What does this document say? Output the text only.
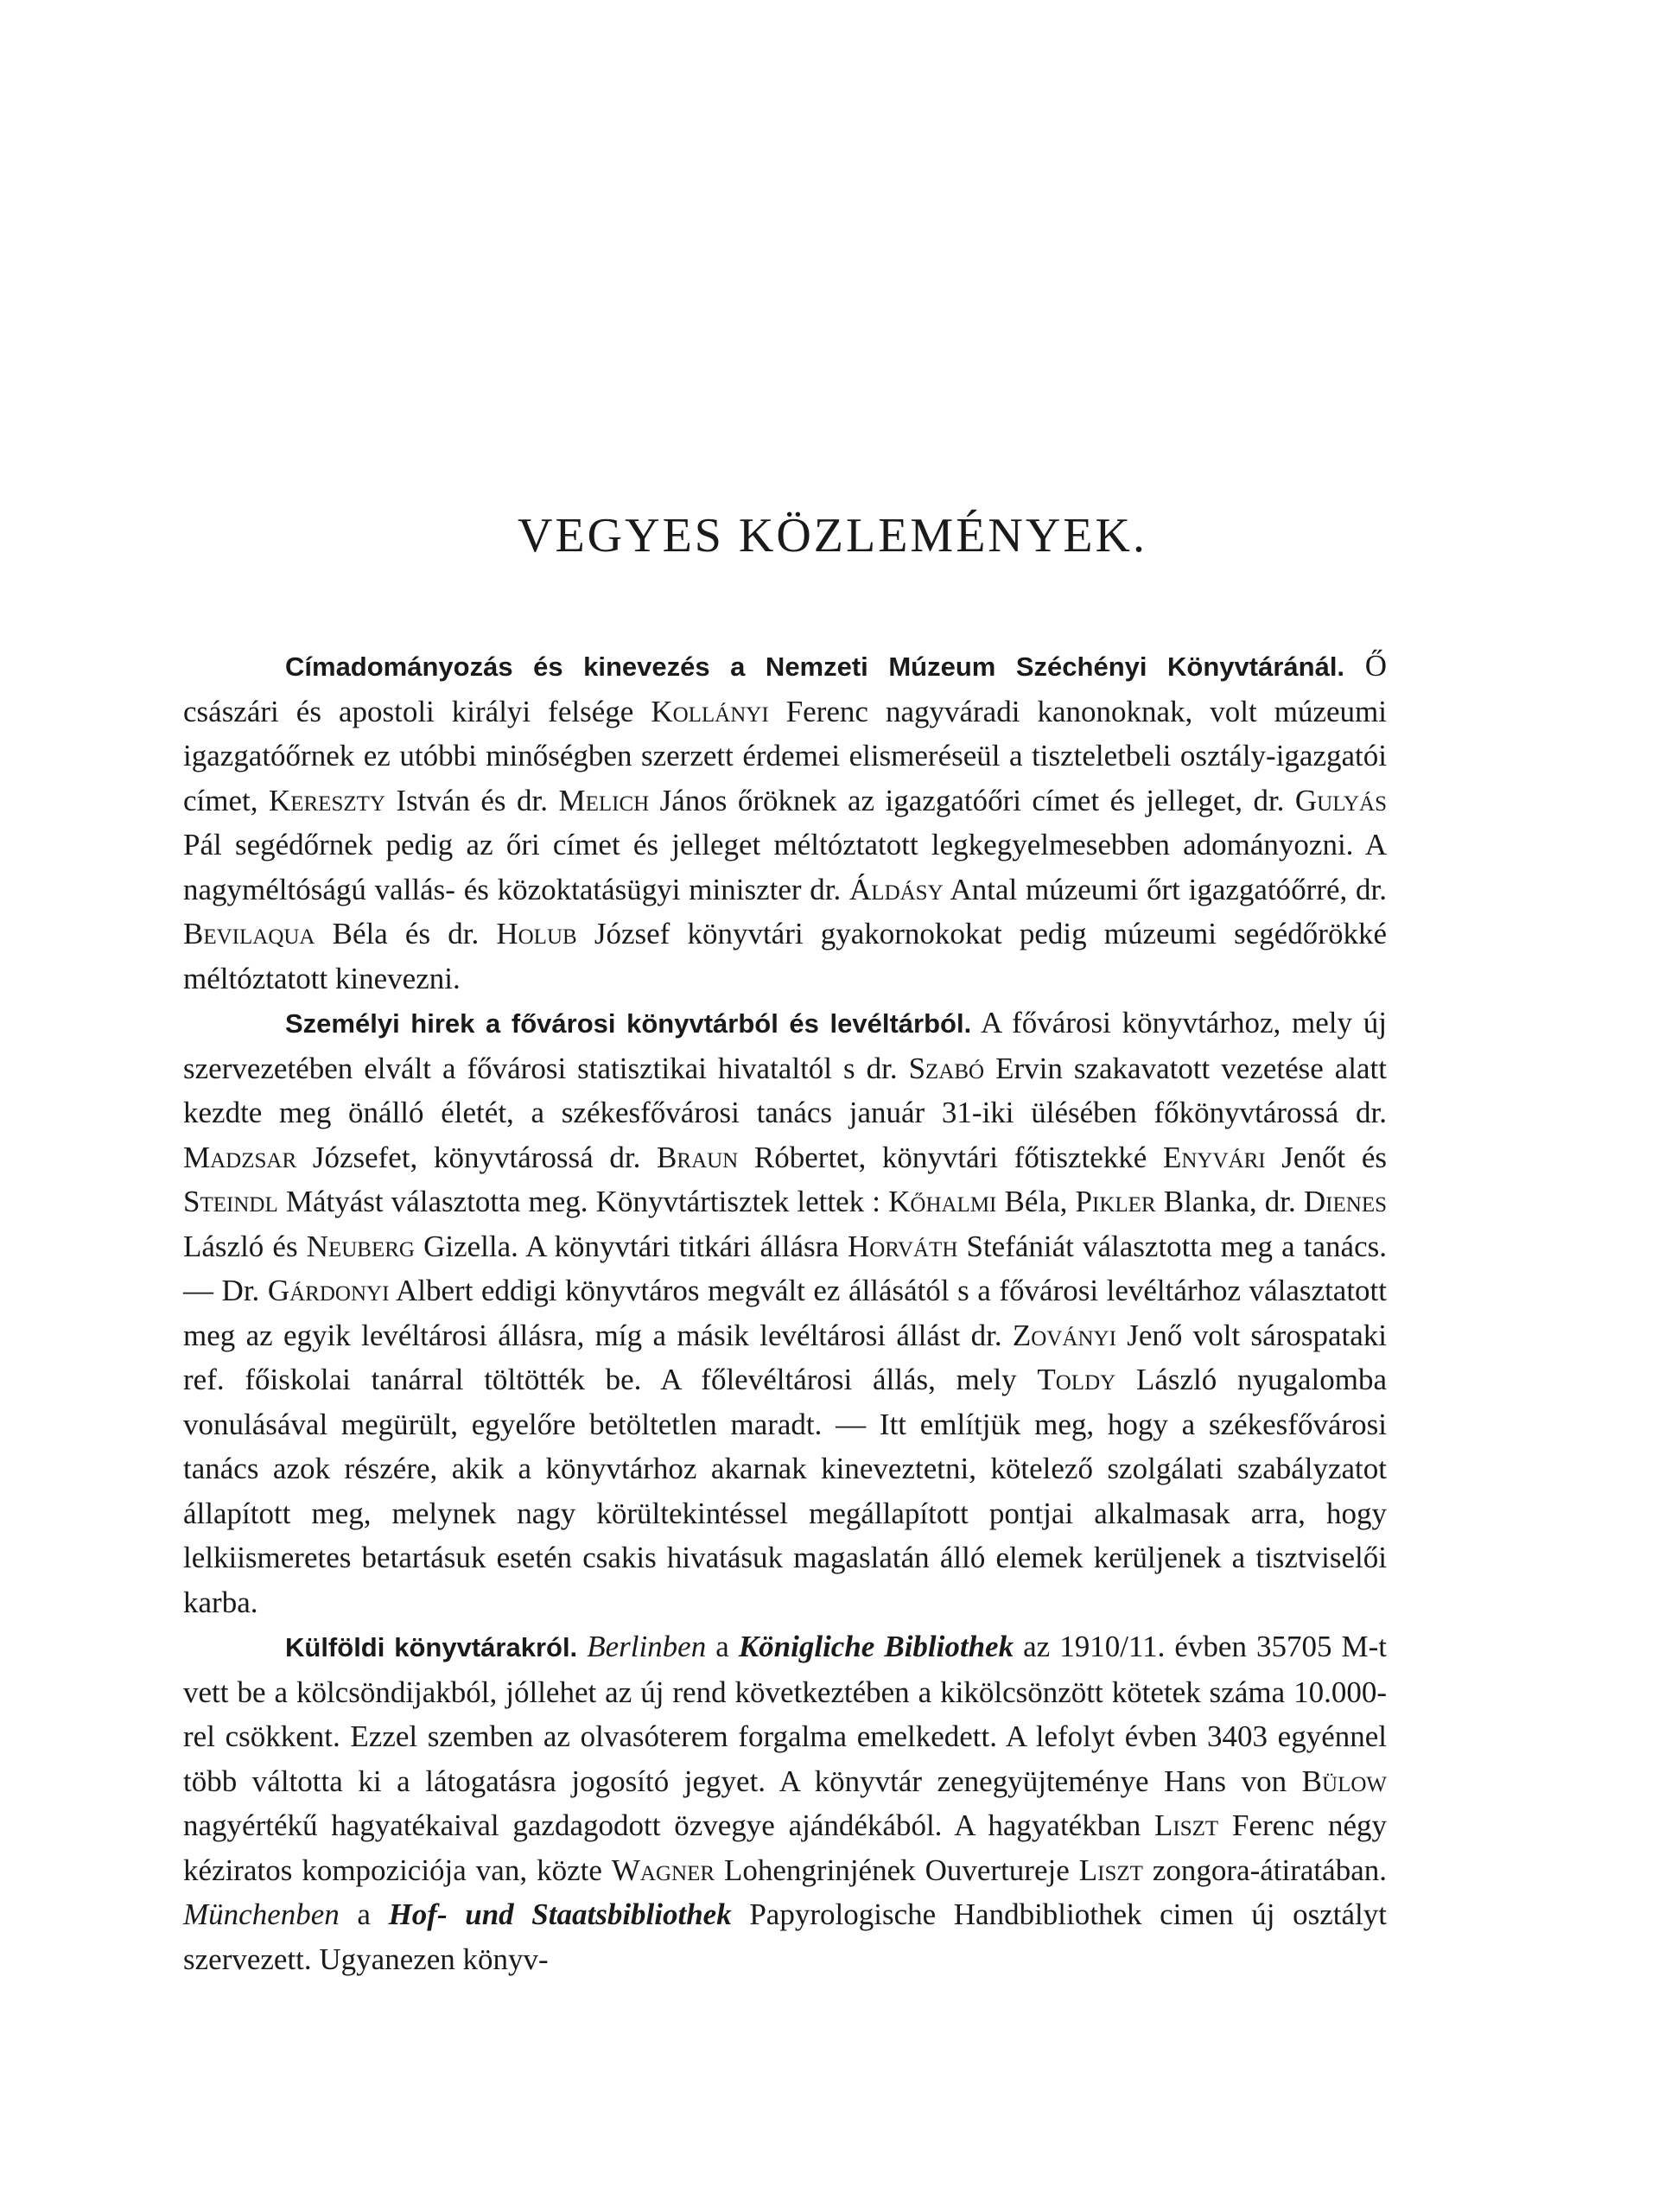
VEGYES KÖZLEMÉNYEK.

Címadományozás és kinevezés a Nemzeti Múzeum Széchényi Könyvtáránál. Ő császári és apostoli királyi felsége Kollányi Ferenc nagyváradi kanonoknak, volt múzeumi igazgatóőrnek ez utóbbi minőségben szerzett érdemei elismeréseül a tiszteletbeli osztály-igazgatói címet, Kereszty István és dr. Melich János őröknek az igazgatóőri címet és jelleget, dr. Gulyás Pál segédőrnek pedig az őri címet és jelleget méltóztatott legkegyelmesebben adományozni. A nagyméltóságú vallás- és közoktatásügyi miniszter dr. Áldásy Antal múzeumi őrt igazgatóőrré, dr. Bevilaqua Béla és dr. Holub József könyvtári gyakornokokat pedig múzeumi segédőrökké méltóztatott kinevezni.

Személyi hirek a fővárosi könyvtárból és levéltárból. A fővárosi könyvtárhoz, mely új szervezetében elvált a fővárosi statisztikai hivataltól s dr. Szabó Ervin szakavatott vezetése alatt kezdte meg önálló életét, a székesfővárosi tanács január 31-iki ülésében főkönyvtárossá dr. Madzsar Józsefet, könyvtárossá dr. Braun Róbertet, könyvtári főtisztekké Enyvári Jenőt és Steindl Mátyást választotta meg. Könyvtártisztek lettek : Kőhalmi Béla, Pikler Blanka, dr. Dienes László és Neuberg Gizella. A könyvtári titkári állásra Horváth Stefániát választotta meg a tanács. — Dr. Gárdonyi Albert eddigi könyvtáros megvált ez állásától s a fővárosi levéltárhoz választatott meg az egyik levéltárosi állásra, míg a másik levéltárosi állást dr. Zoványi Jenő volt sárospataki ref. főiskolai tanárral töltötték be. A főlevéltárosi állás, mely Toldy László nyugalomba vonulásával megürült, egyelőre betöltetlen maradt. — Itt említjük meg, hogy a székesfővárosi tanács azok részére, akik a könyvtárhoz akarnak kineveztetni, kötelező szolgálati szabályzatot állapított meg, melynek nagy körültekintéssel megállapított pontjai alkalmasak arra, hogy lelkiismeretes betartásuk esetén csakis hivatásuk magaslatán álló elemek kerüljenek a tisztviselői karba.

Külföldi könyvtárakról. Berlinben a Königliche Bibliothek az 1910/11. évben 35705 M-t vett be a kölcsöndijakból, jóllehet az új rend következtében a kikölcsönzött kötetek száma 10.000-rel csökkent. Ezzel szemben az olvasóterem forgalma emelkedett. A lefolyt évben 3403 egyénnel több váltotta ki a látogatásra jogosító jegyet. A könyvtár zenegyüjteménye Hans von Bülow nagyértékű hagyatékaival gazdagodott özvegye ajándékából. A hagyatékban Liszt Ferenc négy kéziratos kompoziciója van, közte Wagner Lohengrinjének Ouvertureje Liszt zongora-átiratában. Münchenben a Hof- und Staatsbibliothek Papyrologische Handbibliothek cimen új osztályt szervezett. Ugyanezen könyv-
